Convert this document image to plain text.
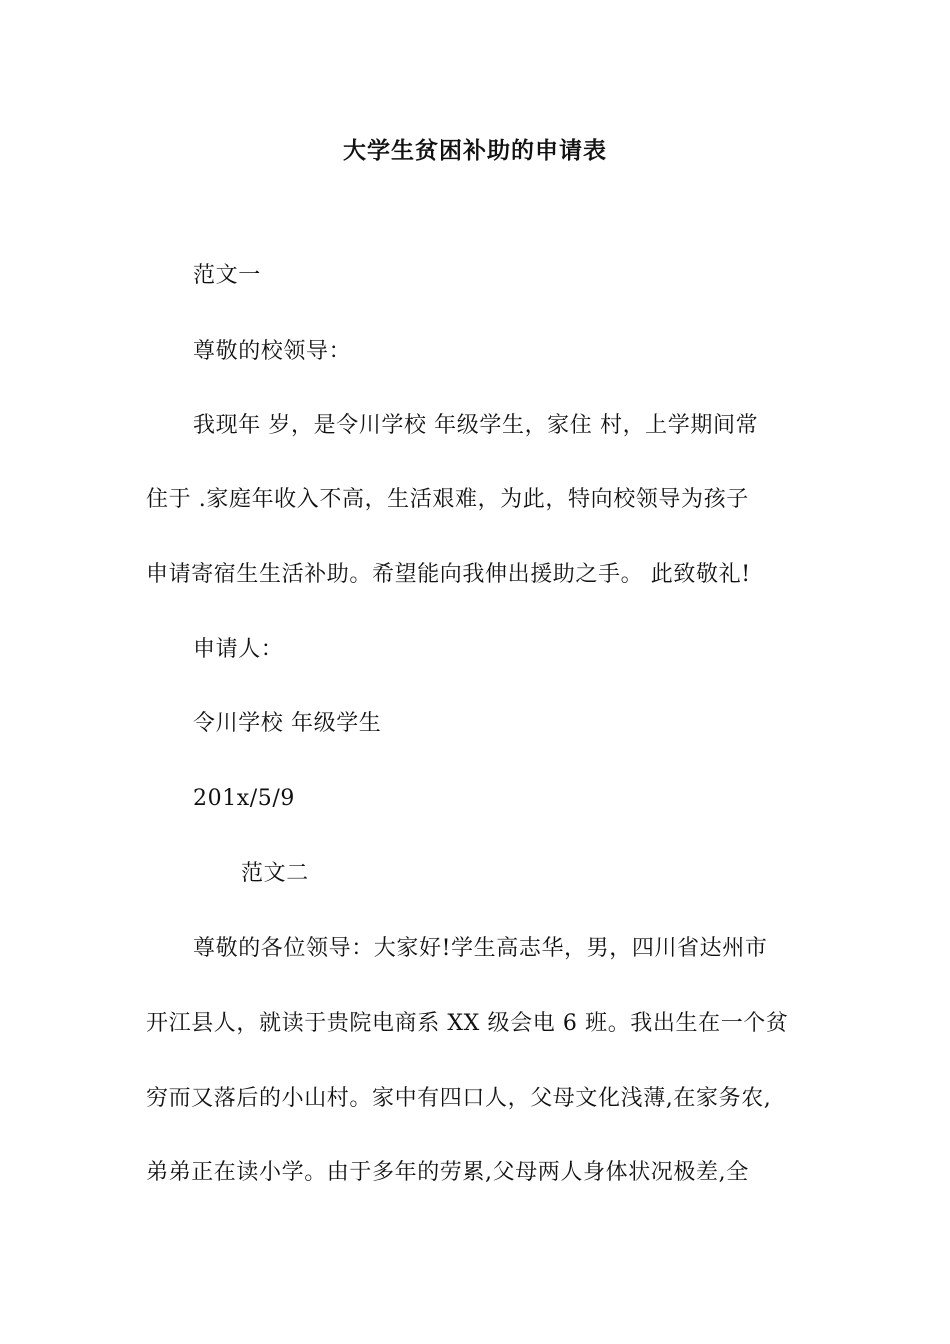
大学生贫困补助的申请表
范文一
尊敬的校领导：
我现年 岁，是令川学校 年级学生，家住 村，上学期间常
住于 .家庭年收入不高，生活艰难，为此，特向校领导为孩子
申请寄宿生生活补助。希望能向我伸出援助之手。 此致敬礼!
申请人：
令川学校 年级学生
201x/5/9
范文二
尊敬的各位领导：大家好!学生高志华，男，四川省达州市
开江县人，就读于贵院电商系 XX 级会电 6 班。我出生在一个贫
穷而又落后的小山村。家中有四口人，父母文化浅薄,在家务农,
弟弟正在读小学。由于多年的劳累,父母两人身体状况极差,全
